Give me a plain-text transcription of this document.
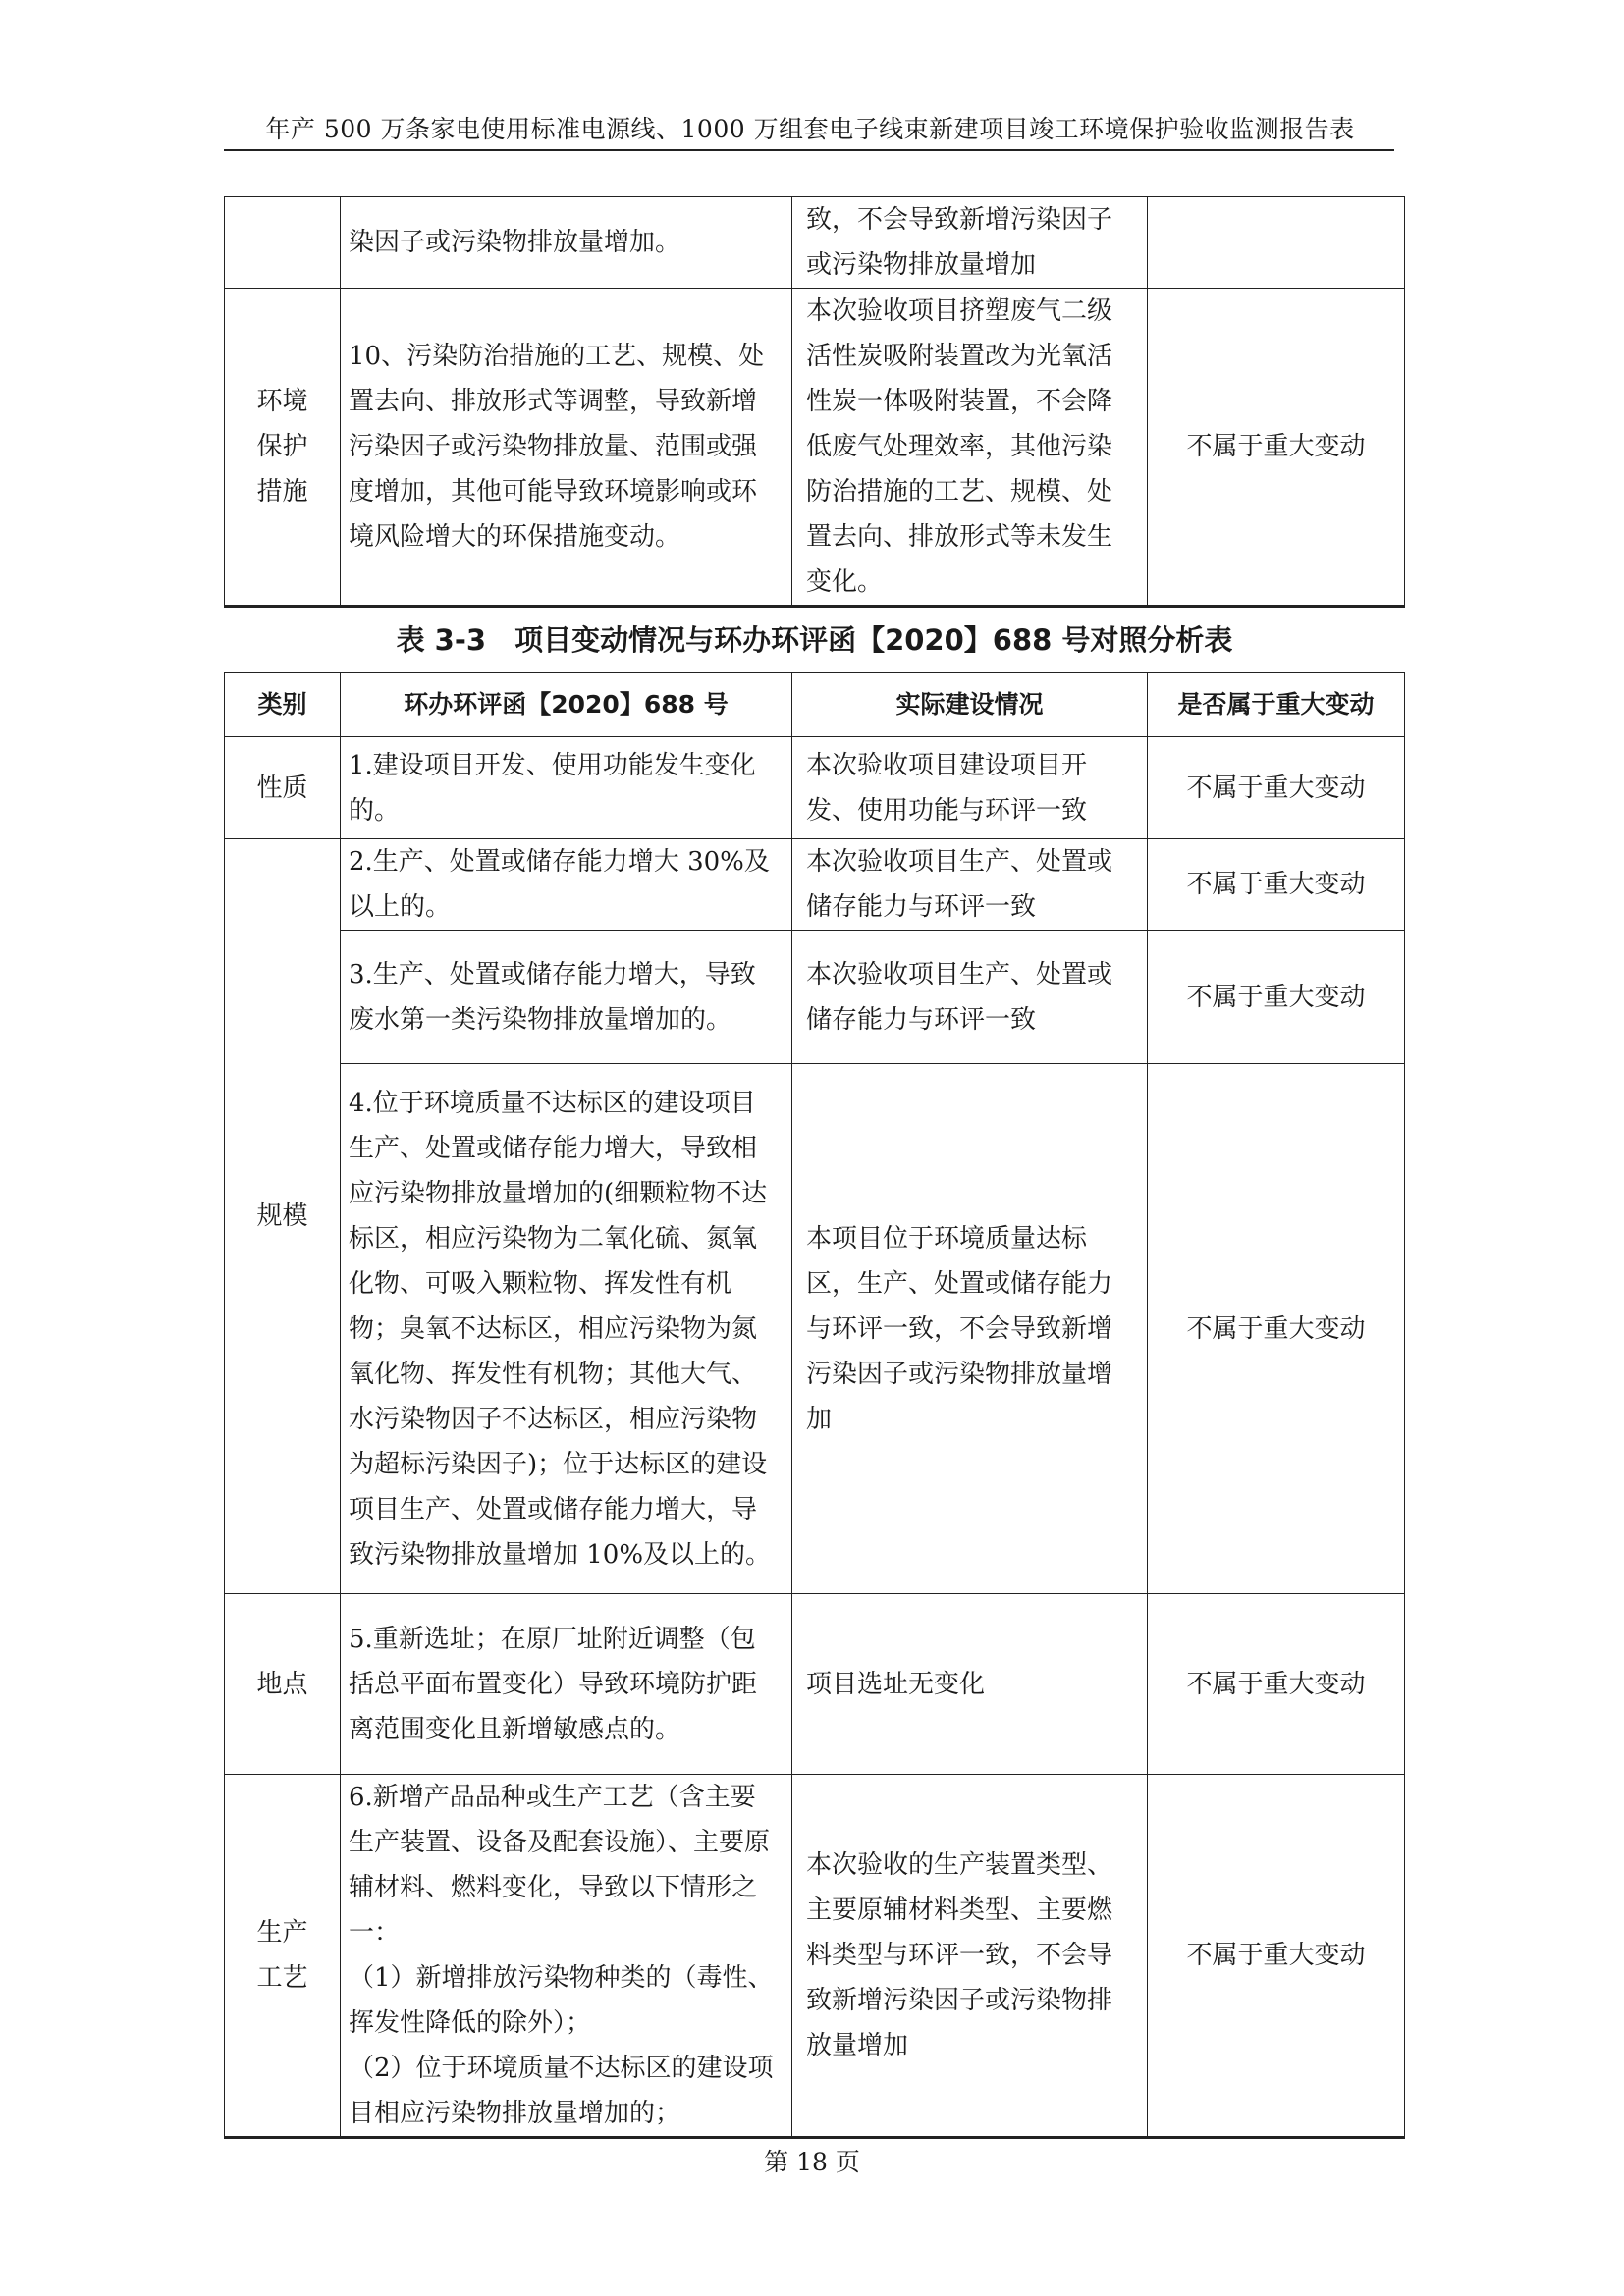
年产 500 万条家电使用标准电源线、1000 万组套电子线束新建项目竣工环境保护验收监测报告表
	染因子或污染物排放量增加。	致，不会导致新增污染因子或污染物排放量增加	
环境保护措施	10、污染防治措施的工艺、规模、处置去向、排放形式等调整，导致新增污染因子或污染物排放量、范围或强度增加，其他可能导致环境影响或环境风险增大的环保措施变动。	本次验收项目挤塑废气二级活性炭吸附装置改为光氧活性炭一体吸附装置，不会降低废气处理效率，其他污染防治措施的工艺、规模、处置去向、排放形式等未发生变化。	不属于重大变动
表 3-3　项目变动情况与环办环评函【2020】688 号对照分析表			
类别	环办环评函【2020】688 号	实际建设情况	是否属于重大变动
性质	1.建设项目开发、使用功能发生变化的。	本次验收项目建设项目开发、使用功能与环评一致	不属于重大变动
规模	2.生产、处置或储存能力增大 30%及以上的。	本次验收项目生产、处置或储存能力与环评一致	不属于重大变动
	3.生产、处置或储存能力增大，导致废水第一类污染物排放量增加的。	本次验收项目生产、处置或储存能力与环评一致	不属于重大变动
	4.位于环境质量不达标区的建设项目生产、处置或储存能力增大，导致相应污染物排放量增加的(细颗粒物不达标区，相应污染物为二氧化硫、氮氧化物、可吸入颗粒物、挥发性有机物；臭氧不达标区，相应污染物为氮氧化物、挥发性有机物；其他大气、水污染物因子不达标区，相应污染物为超标污染因子)；位于达标区的建设项目生产、处置或储存能力增大，导致污染物排放量增加 10%及以上的。	本项目位于环境质量达标区，生产、处置或储存能力与环评一致，不会导致新增污染因子或污染物排放量增加	不属于重大变动
地点	5.重新选址；在原厂址附近调整（包括总平面布置变化）导致环境防护距离范围变化且新增敏感点的。	项目选址无变化	不属于重大变动
生产工艺	6.新增产品品种或生产工艺（含主要生产装置、设备及配套设施）、主要原辅材料、燃料变化，导致以下情形之一：
（1）新增排放污染物种类的（毒性、挥发性降低的除外）；
（2）位于环境质量不达标区的建设项目相应污染物排放量增加的；	本次验收的生产装置类型、主要原辅材料类型、主要燃料类型与环评一致，不会导致新增污染因子或污染物排放量增加	不属于重大变动
第 18 页
